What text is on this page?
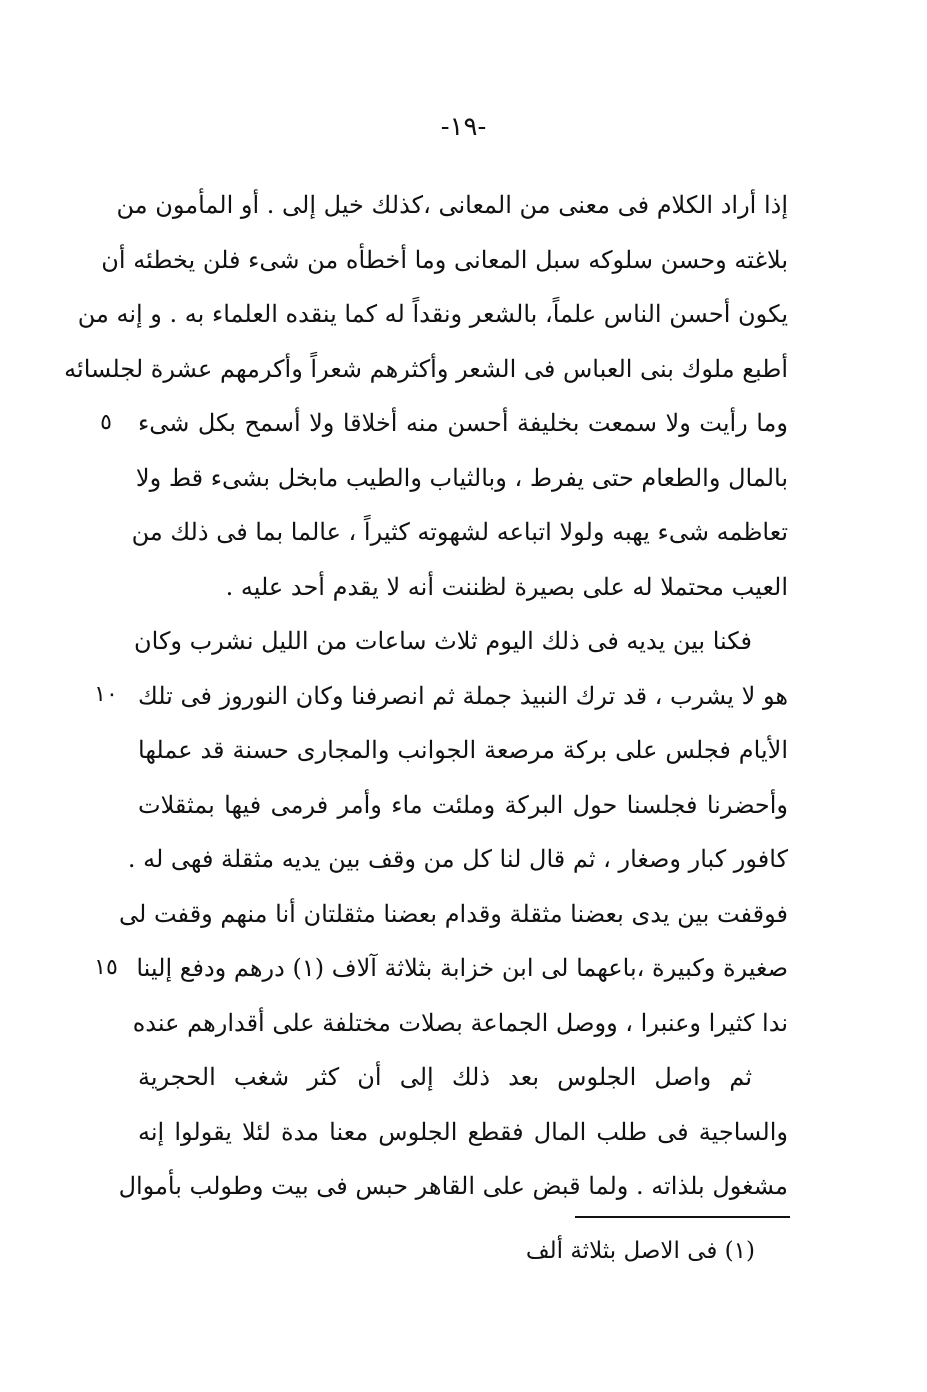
-١٩-
إذا أراد الكلام فى معنى من المعانى ،كذلك خيل إلى . أو المأمون من
بلاغته وحسن سلوكه سبل المعانى وما أخطأه من شىء فلن يخطئه أن
يكون أحسن الناس علماً، بالشعر ونقداً له كما ينقده العلماء به . و إنه من
أطبع ملوك بنى العباس فى الشعر وأكثرهم شعراً وأكرمهم عشرة لجلسائه
وما رأيت ولا سمعت بخليفة أحسن منه أخلاقا ولا أسمح بكل شىء
بالمال والطعام حتى يفرط ، وبالثياب والطيب مابخل بشىء قط ولا
تعاظمه شىء يهبه ولولا اتباعه لشهوته كثيراً ، عالما بما فى ذلك من
العيب محتملا له على بصيرة لظننت أنه لا يقدم أحد عليه .
فكنا بين يديه فى ذلك اليوم ثلاث ساعات من الليل نشرب وكان
هو لا يشرب ، قد ترك النبيذ جملة ثم انصرفنا وكان النوروز فى تلك
الأيام فجلس على بركة مرصعة الجوانب والمجارى حسنة قد عملها
وأحضرنا فجلسنا حول البركة وملئت ماء وأمر فرمى فيها بمثقلات
كافور كبار وصغار ، ثم قال لنا كل من وقف بين يديه مثقلة فهى له .
فوقفت بين يدى بعضنا مثقلة وقدام بعضنا مثقلتان أنا منهم وقفت لى
صغيرة وكبيرة ،باعهما لى ابن خزابة بثلاثة آلاف (١) درهم ودفع إلينا
ندا كثيرا وعنبرا ، ووصل الجماعة بصلات مختلفة على أقدارهم عنده
ثم واصل الجلوس بعد ذلك إلى أن كثر شغب الحجرية
والساجية فى طلب المال فقطع الجلوس معنا مدة لئلا يقولوا إنه
مشغول بلذاته . ولما قبض على القاهر حبس فى بيت وطولب بأموال
٥
١٠
١٥
(١) فى الاصل بثلاثة ألف
